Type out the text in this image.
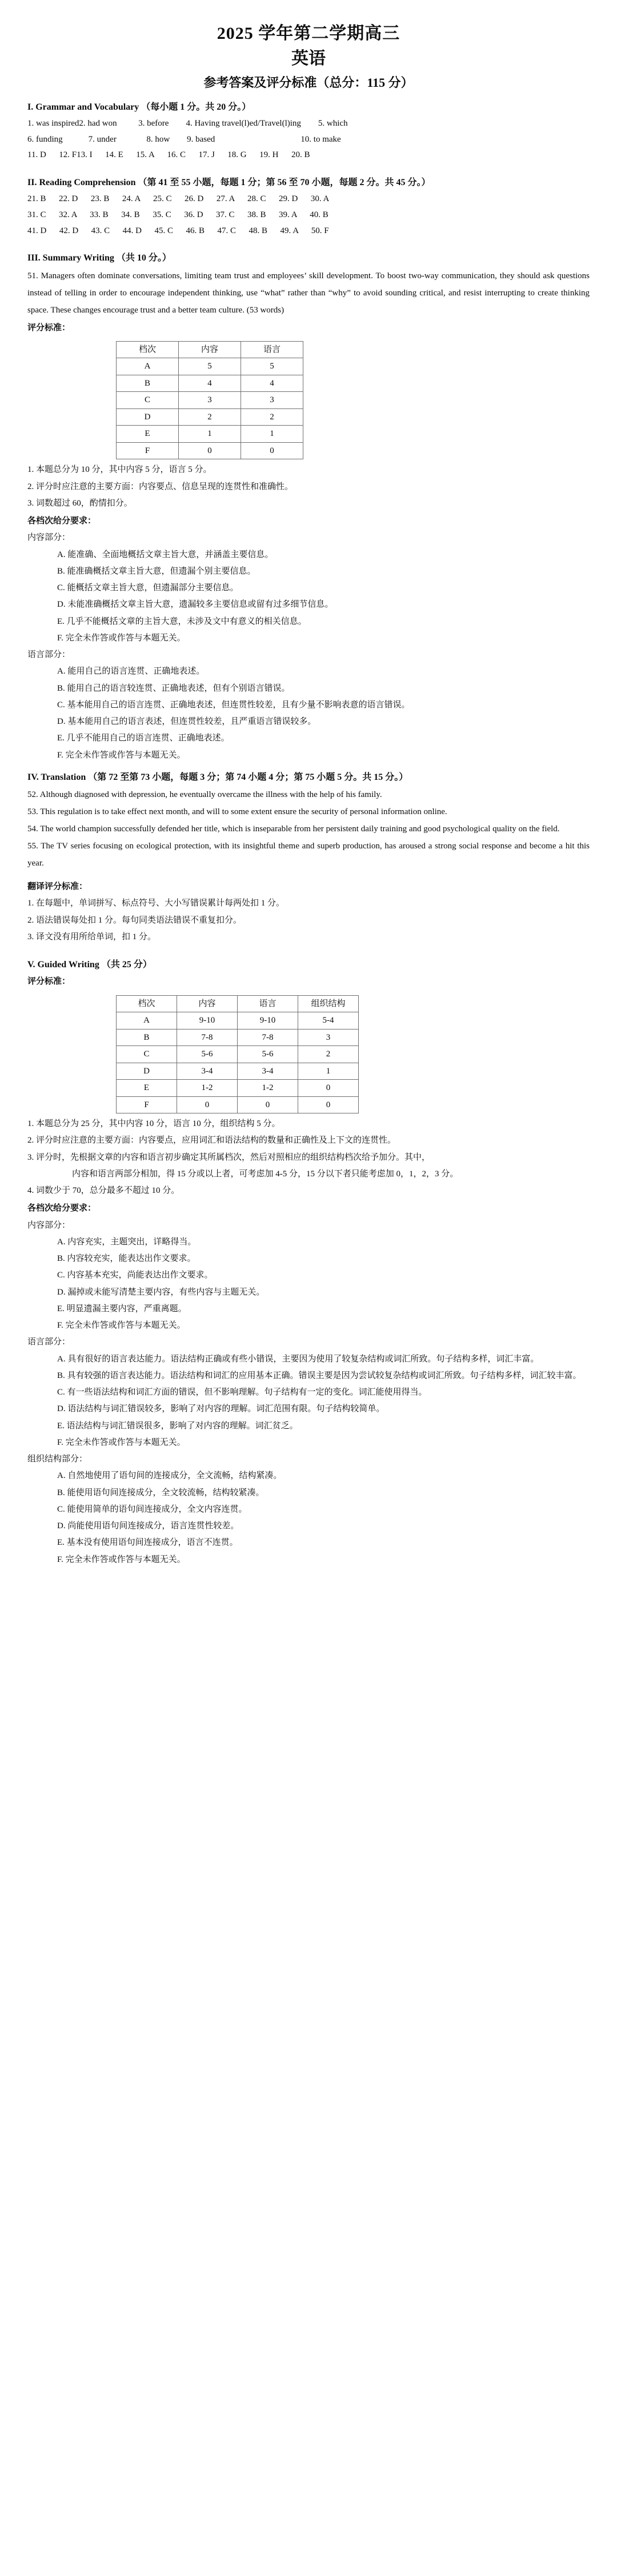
2025 学年第二学期高三
英语
参考答案及评分标准（总分：115 分）
I. Grammar and Vocabulary （每小题 1 分。共 20 分。）
1. was inspired2. had won          3. before        4. Having travel(l)ed/Travel(l)ing        5. which
6. funding            7. under              8. how        9. based                                        10. to make
11. D      12. F13. I      14. E      15. A      16. C      17. J      18. G      19. H      20. B
II. Reading Comprehension （第 41 至 55 小题，每题 1 分；第 56 至 70 小题，每题 2 分。共 45 分。）
21. B      22. D      23. B      24. A      25. C      26. D      27. A      28. C      29. D      30. A
31. C      32. A      33. B      34. B      35. C      36. D      37. C      38. B      39. A      40. B
41. D      42. D      43. C      44. D      45. C      46. B      47. C      48. B      49. A      50. F
III. Summary Writing （共 10 分。）
51. Managers often dominate conversations, limiting team trust and employees’ skill development. To boost two-way communication, they should ask questions instead of telling in order to encourage independent thinking, use “what” rather than “why” to avoid sounding critical, and resist interrupting to create thinking space. These changes encourage trust and a better team culture. (53 words)
评分标准：
档次	内容	语言
A	5	5
B	4	4
C	3	3
D	2	2
E	1	1
F	0	0
1. 本题总分为 10 分，其中内容 5 分，语言 5 分。
2. 评分时应注意的主要方面：内容要点、信息呈现的连贯性和准确性。
3. 词数超过 60，酌情扣分。
各档次给分要求：
内容部分：
A. 能准确、全面地概括文章主旨大意，并涵盖主要信息。
B. 能准确概括文章主旨大意，但遗漏个别主要信息。
C. 能概括文章主旨大意，但遗漏部分主要信息。
D. 未能准确概括文章主旨大意，遗漏较多主要信息或留有过多细节信息。
E. 几乎不能概括文章的主旨大意，未涉及文中有意义的相关信息。
F. 完全未作答或作答与本题无关。
语言部分：
A. 能用自己的语言连贯、正确地表述。
B. 能用自己的语言较连贯、正确地表述，但有个别语言错误。
C. 基本能用自己的语言连贯、正确地表述，但连贯性较差，且有少量不影响表意的语言错误。
D. 基本能用自己的语言表述，但连贯性较差，且严重语言错误较多。
E. 几乎不能用自己的语言连贯、正确地表述。
F. 完全未作答或作答与本题无关。
IV. Translation （第 72 至第 73 小题，每题 3 分；第 74 小题 4 分；第 75 小题 5 分。共 15 分。）
52. Although diagnosed with depression, he eventually overcame the illness with the help of his family.
53. This regulation is to take effect next month, and will to some extent ensure the security of personal information online.
54. The world champion successfully defended her title, which is inseparable from her persistent daily training and good psychological quality on the field.
55. The TV series focusing on ecological protection, with its insightful theme and superb production, has aroused a strong social response and become a hit this year.
翻译评分标准：
1. 在每题中，单词拼写、标点符号、大小写错误累计每两处扣 1 分。
2. 语法错误每处扣 1 分。每句同类语法错误不重复扣分。
3. 译文没有用所给单词，扣 1 分。
V. Guided Writing （共 25 分）
评分标准：
档次	内容	语言	组织结构
A	9-10	9-10	5-4
B	7-8	7-8	3
C	5-6	5-6	2
D	3-4	3-4	1
E	1-2	1-2	0
F	0	0	0
1. 本题总分为 25 分，其中内容 10 分，语言 10 分，组织结构 5 分。
2. 评分时应注意的主要方面：内容要点，应用词汇和语法结构的数量和正确性及上下文的连贯性。
3. 评分时，先根据文章的内容和语言初步确定其所属档次，然后对照相应的组织结构档次给予加分。其中，
内容和语言两部分相加，得 15 分或以上者，可考虑加 4-5 分，15 分以下者只能考虑加 0，1，2，3 分。
4. 词数少于 70，总分最多不超过 10 分。
各档次给分要求：
内容部分：
A. 内容充实，主题突出，详略得当。
B. 内容较充实，能表达出作文要求。
C. 内容基本充实，尚能表达出作文要求。
D. 漏掉或未能写清楚主要内容，有些内容与主题无关。
E. 明显遗漏主要内容，严重离题。
F. 完全未作答或作答与本题无关。
语言部分：
A. 具有很好的语言表达能力。语法结构正确或有些小错误，主要因为使用了较复杂结构或词汇所致。句子结构多样，词汇丰富。
B. 具有较强的语言表达能力。语法结构和词汇的应用基本正确。错误主要是因为尝试较复杂结构或词汇所致。句子结构多样，词汇较丰富。
C. 有一些语法结构和词汇方面的错误，但不影响理解。句子结构有一定的变化。词汇能使用得当。
D. 语法结构与词汇错误较多，影响了对内容的理解。词汇范围有限。句子结构较简单。
E. 语法结构与词汇错误很多，影响了对内容的理解。词汇贫乏。
F. 完全未作答或作答与本题无关。
组织结构部分：
A. 自然地使用了语句间的连接成分，全文流畅，结构紧凑。
B. 能使用语句间连接成分，全文较流畅，结构较紧凑。
C. 能使用简单的语句间连接成分，全文内容连贯。
D. 尚能使用语句间连接成分，语言连贯性较差。
E. 基本没有使用语句间连接成分，语言不连贯。
F. 完全未作答或作答与本题无关。
